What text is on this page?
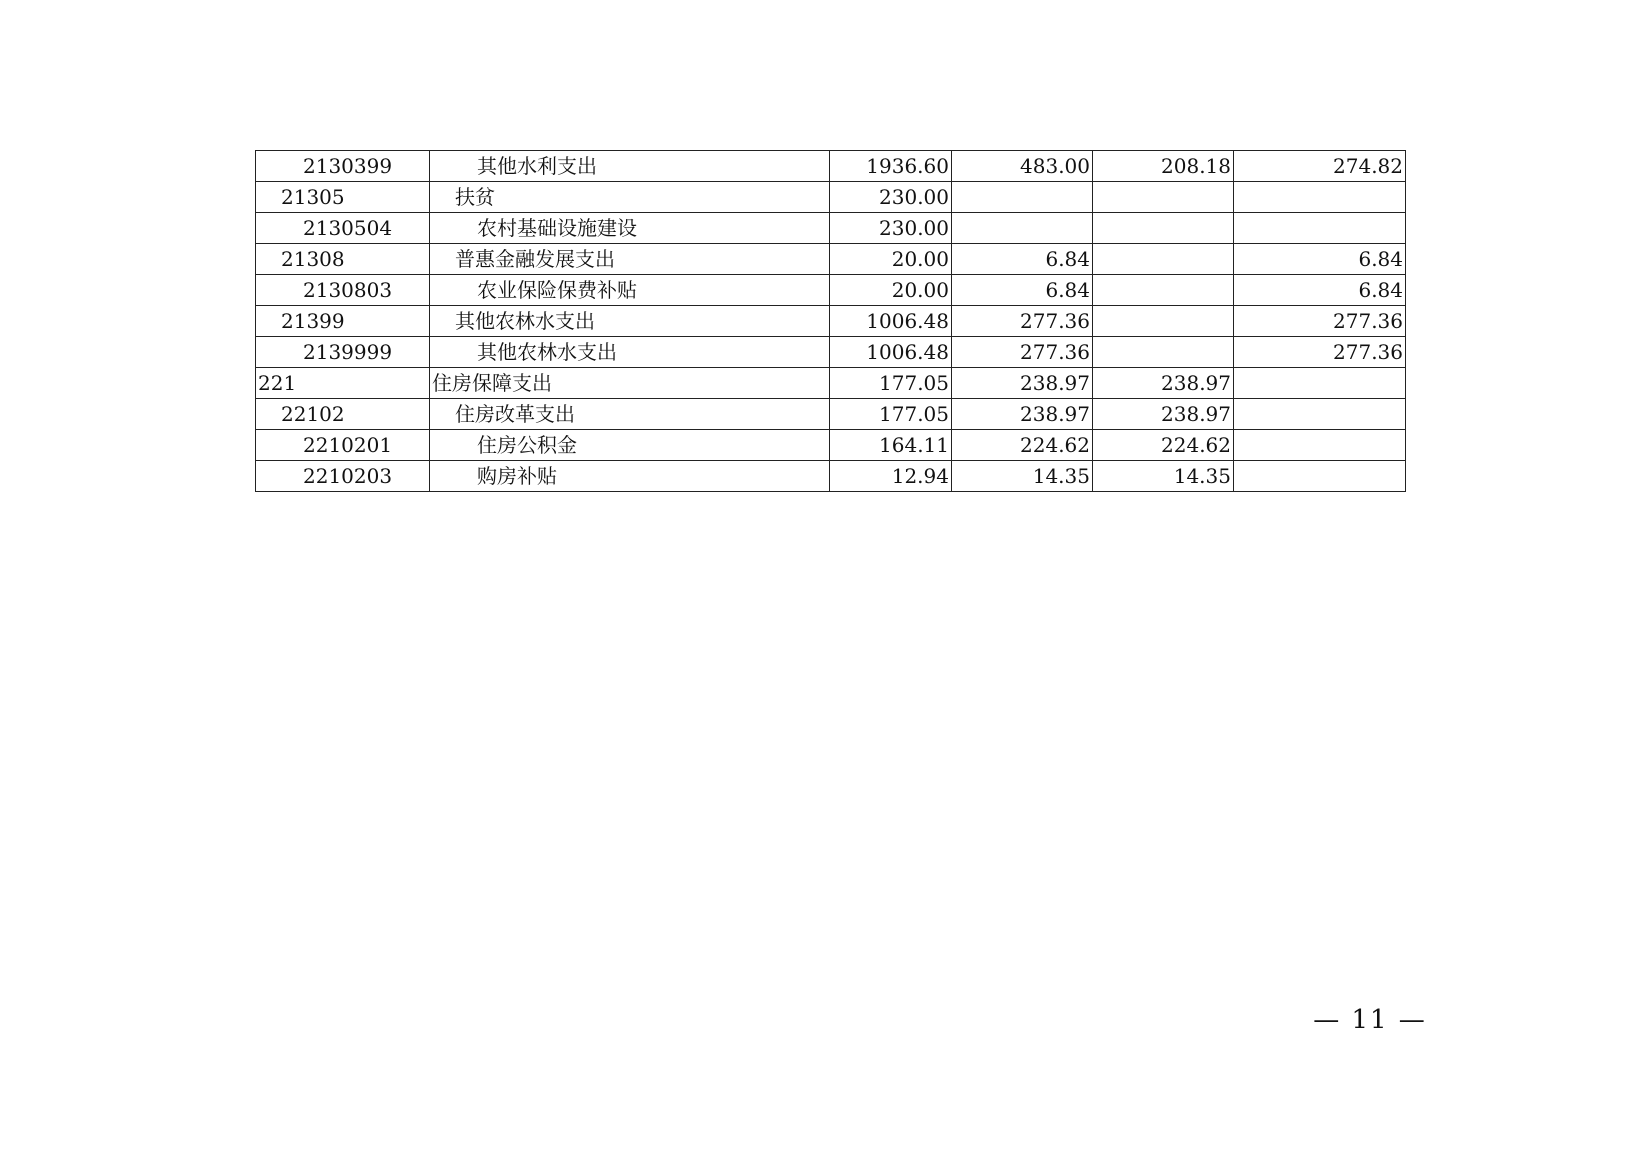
2130399	其他水利支出	1936.60	483.00	208.18	274.82
21305	扶贫	230.00			
2130504	农村基础设施建设	230.00			
21308	普惠金融发展支出	20.00	6.84		6.84
2130803	农业保险保费补贴	20.00	6.84		6.84
21399	其他农林水支出	1006.48	277.36		277.36
2139999	其他农林水支出	1006.48	277.36		277.36
221	住房保障支出	177.05	238.97	238.97	
22102	住房改革支出	177.05	238.97	238.97	
2210201	住房公积金	164.11	224.62	224.62	
2210203	购房补贴	12.94	14.35	14.35	
— 11 —
